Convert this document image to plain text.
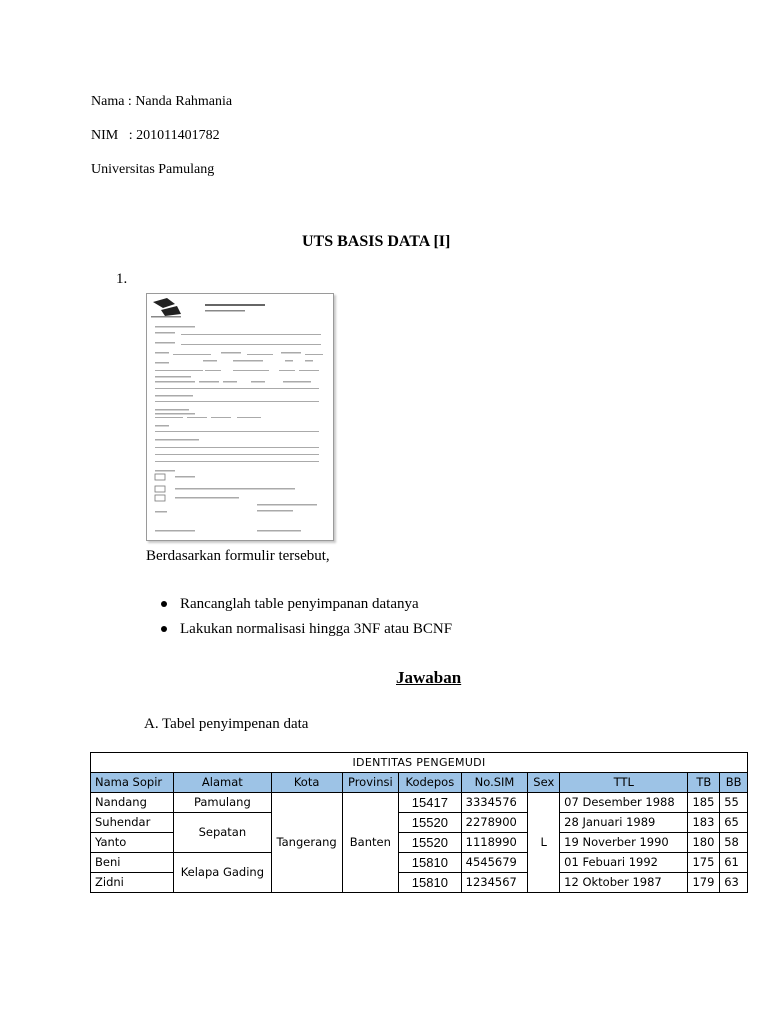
Nama : Nanda Rahmania
NIM   : 201011401782
Universitas Pamulang
UTS BASIS DATA [I]
1.
Berdasarkan formulir tersebut,
Rancanglah table penyimpanan datanya
Lakukan normalisasi hingga 3NF atau BCNF
Jawaban
A. Tabel penyimpenan data
IDENTITAS PENGEMUDI									
Nama Sopir	Alamat	Kota	Provinsi	Kodepos	No.SIM	Sex	TTL	TB	BB
Nandang	Pamulang	Tangerang	Banten	15417	3334576	L	07 Desember 1988	185	55
Suhendar	Sepatan			15520	2278900		28 Januari 1989	183	65
Yanto				15520	1118990		19 Noverber 1990	180	58
Beni	Kelapa Gading			15810	4545679		01 Febuari 1992	175	61
Zidni				15810	1234567		12 Oktober 1987	179	63
